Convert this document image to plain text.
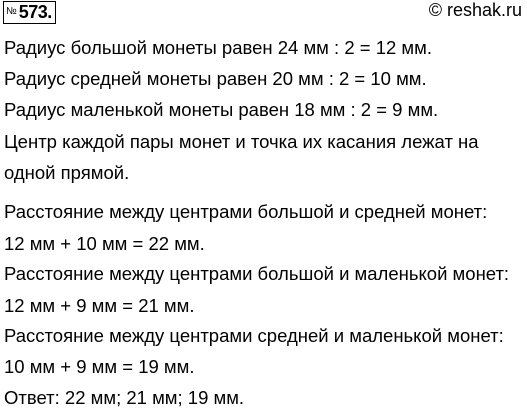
№ 573.	© reshak.ru
Радиус большой монеты равен 24 мм : 2 = 12 мм.
Радиус средней монеты равен 20 мм : 2 = 10 мм.
Радиус маленькой монеты равен 18 мм : 2 = 9 мм.
Центр каждой пары монет и точка их касания лежат на
одной прямой.
Расстояние между центрами большой и средней монет:
12 мм + 10 мм = 22 мм.
Расстояние между центрами большой и маленькой монет:
12 мм + 9 мм = 21 мм.
Расстояние между центрами средней и маленькой монет:
10 мм + 9 мм = 19 мм.
Ответ: 22 мм; 21 мм; 19 мм.
